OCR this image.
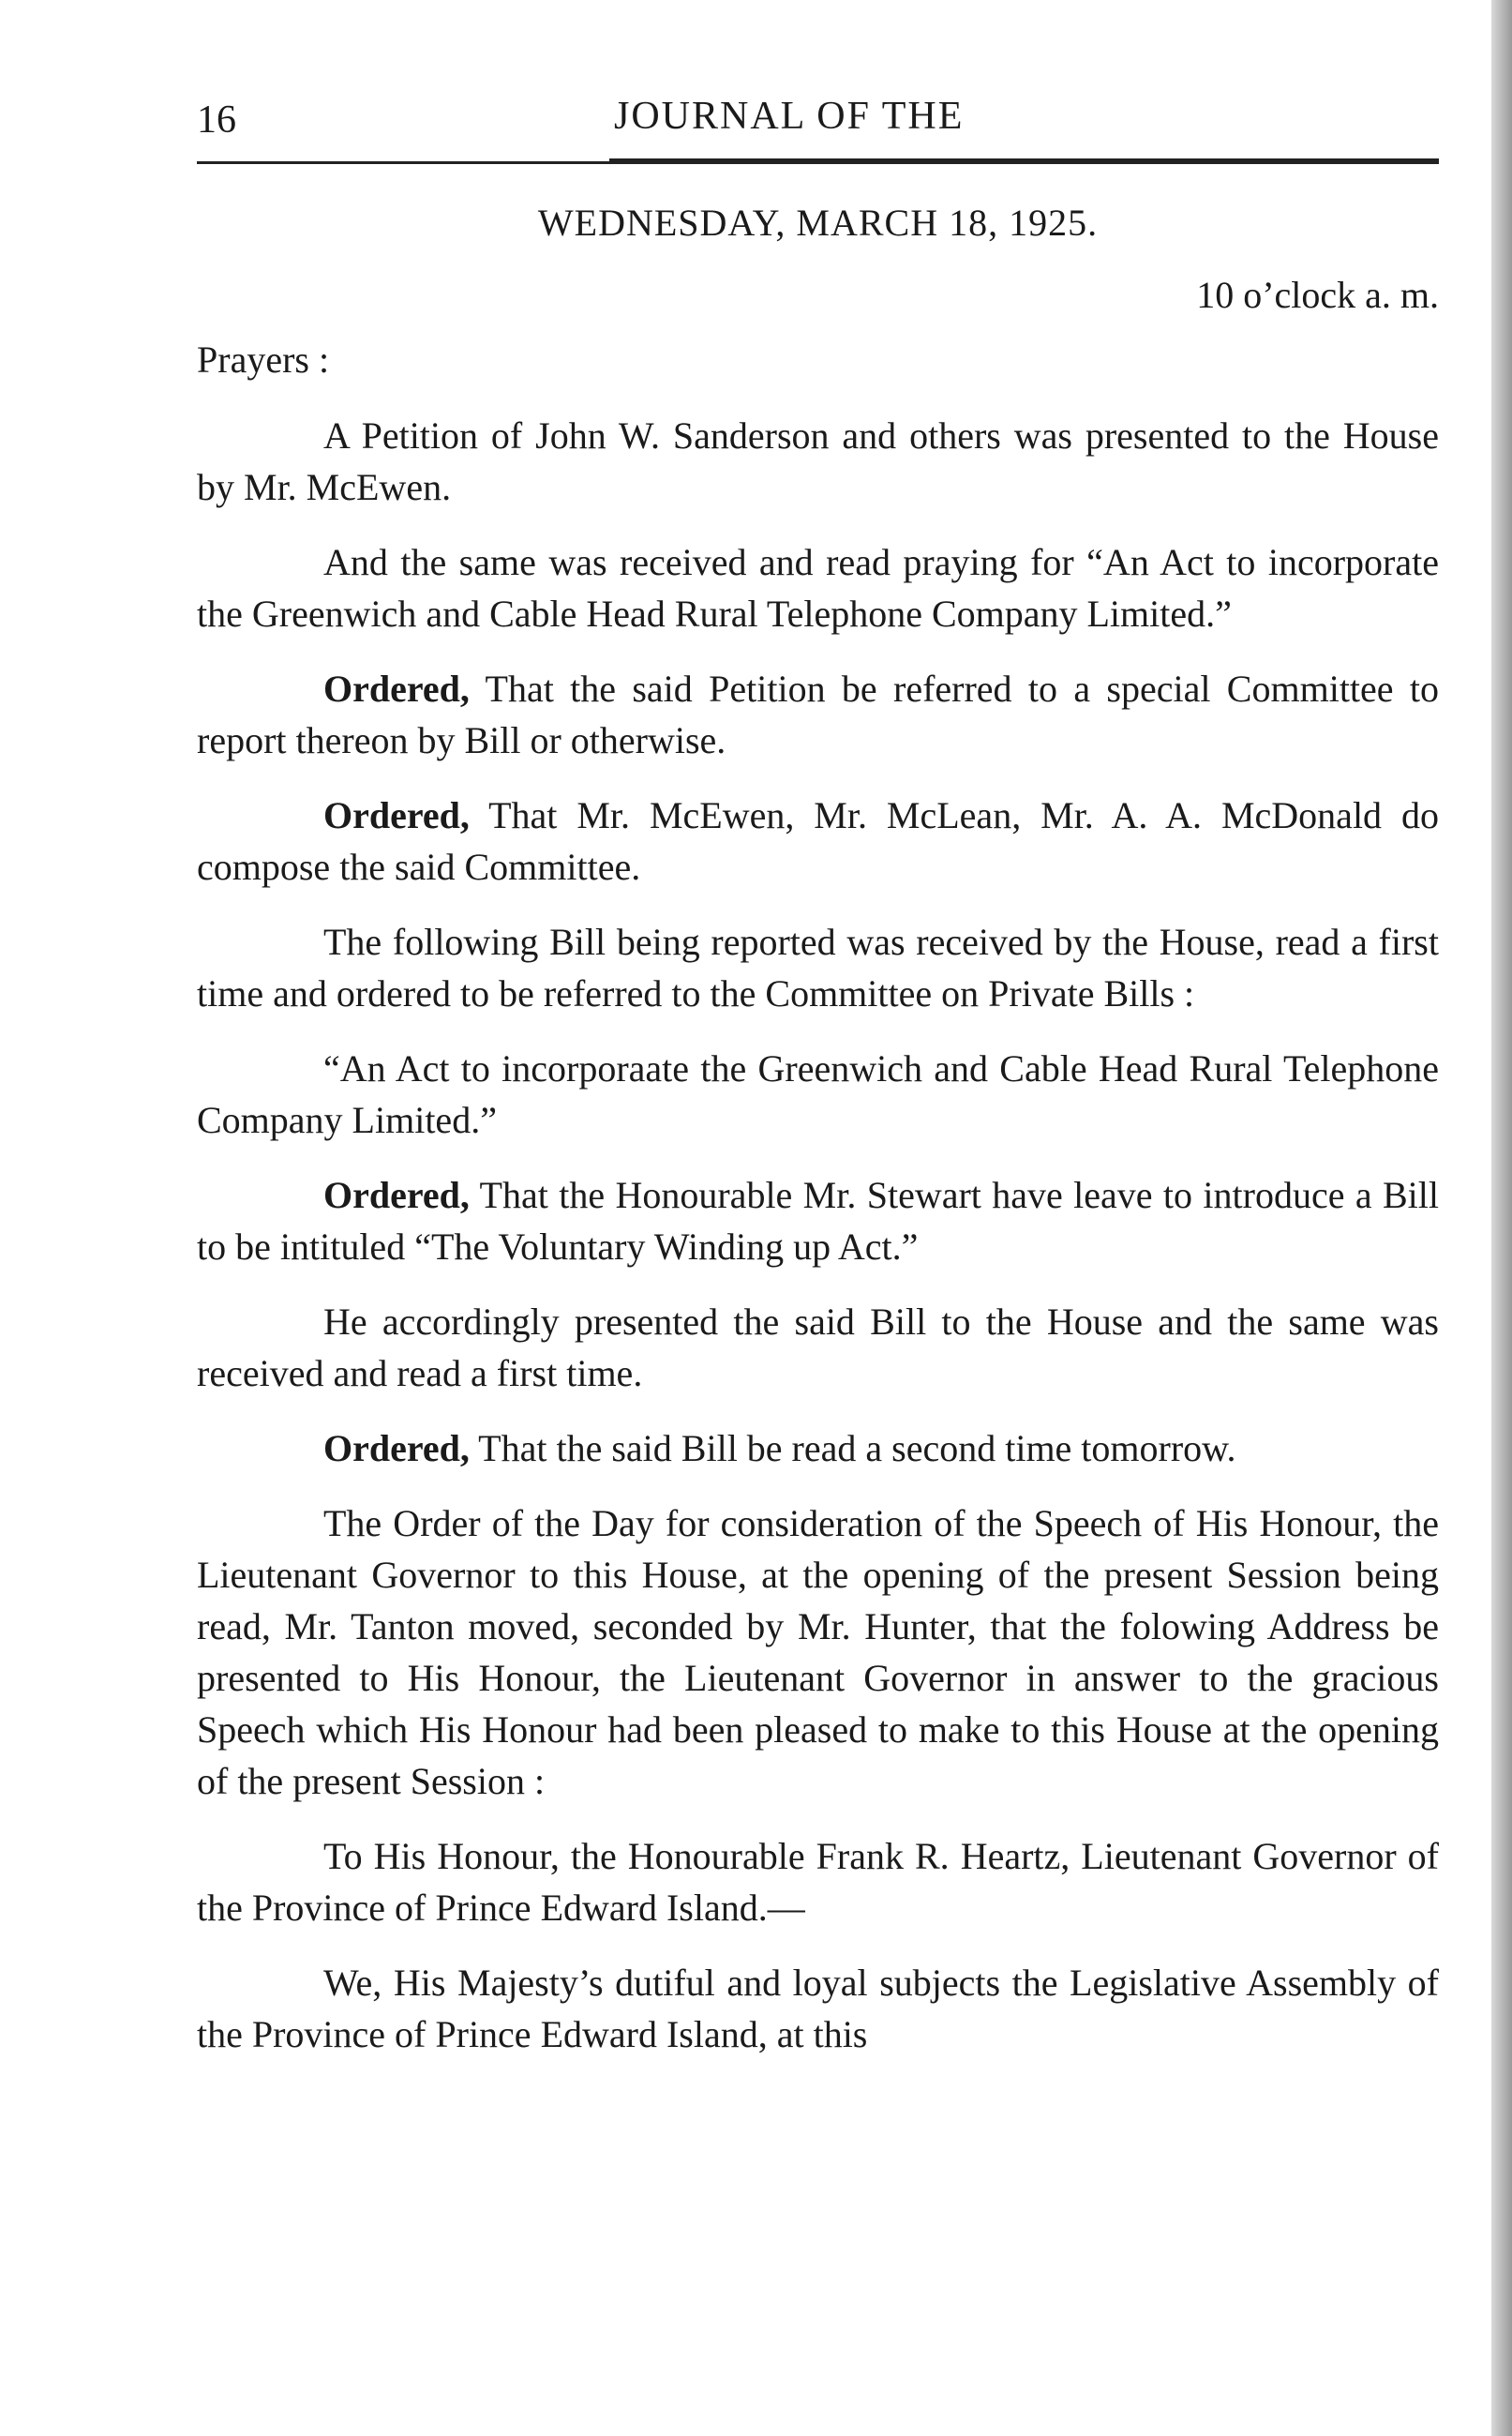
16	JOURNAL OF THE

WEDNESDAY, MARCH 18, 1925.

10 o’clock a. m.

Prayers :

A Petition of John W. Sanderson and others was presented to the House by Mr. McEwen.

And the same was received and read praying for “An Act to incorporate the Greenwich and Cable Head Rural Telephone Company Limited.”

Ordered, That the said Petition be referred to a special Committee to report thereon by Bill or otherwise.

Ordered, That Mr. McEwen, Mr. McLean, Mr. A. A. McDonald do compose the said Committee.

The following Bill being reported was received by the House, read a first time and ordered to be referred to the Committee on Private Bills :

“An Act to incorporaate the Greenwich and Cable Head Rural Telephone Company Limited.”

Ordered, That the Honourable Mr. Stewart have leave to introduce a Bill to be intituled “The Voluntary Winding up Act.”

He accordingly presented the said Bill to the House and the same was received and read a first time.

Ordered, That the said Bill be read a second time tomorrow.

The Order of the Day for consideration of the Speech of His Honour, the Lieutenant Governor to this House, at the opening of the present Session being read, Mr. Tanton moved, seconded by Mr. Hunter, that the folowing Address be presented to His Honour, the Lieutenant Governor in answer to the gracious Speech which His Honour had been pleased to make to this House at the opening of the present Session :

To His Honour, the Honourable Frank R. Heartz, Lieutenant Governor of the Province of Prince Edward Island.—

We, His Majesty’s dutiful and loyal subjects the Legislative Assembly of the Province of Prince Edward Island, at this
